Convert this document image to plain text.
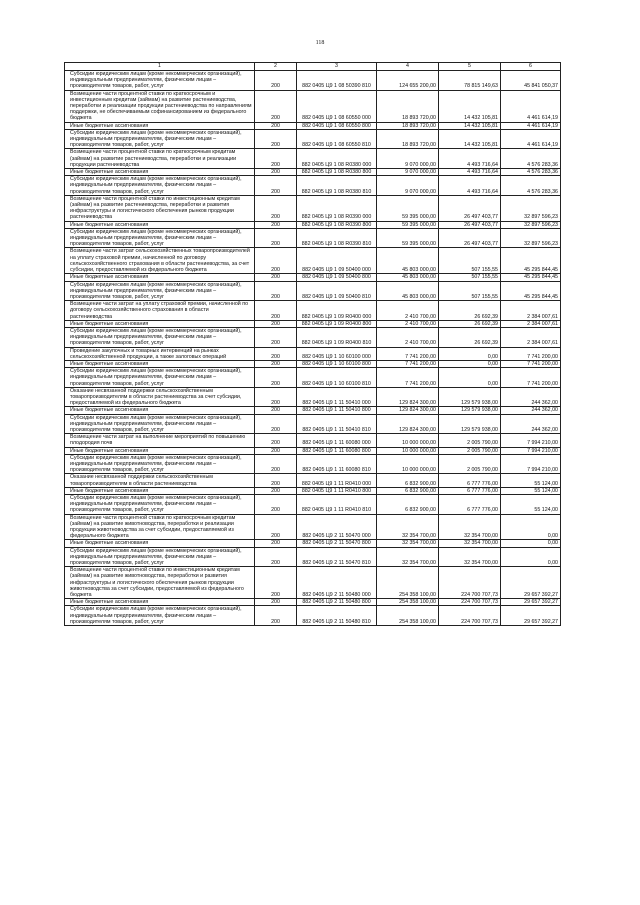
118
1	2	3	4	5	6
Субсидии юридическим лицам (кроме некоммерческих организаций), индивидуальным предпринимателям, физическим лицам – производителям товаров, работ, услуг	200	882 0405 Ц9 1 08 50390 810	124 655 200,00	78 815 149,63	45 841 050,37
Возмещение части процентной ставки по краткосрочным и инвестиционным кредитам (займам) на развитие растениеводства, переработки и реализации продукции растениеводства по направлениям поддержки, не обеспечиваемым софинансированием из федерального бюджета	200	882 0405 Ц9 1 08 60550 000	18 893 720,00	14 432 105,81	4 461 614,19
Иные бюджетные ассигнования	200	882 0405 Ц9 1 08 60550 800	18 893 720,00	14 432 105,81	4 461 614,19
Субсидии юридическим лицам (кроме некоммерческих организаций), индивидуальным предпринимателям, физическим лицам – производителям товаров, работ, услуг	200	882 0405 Ц9 1 08 60550 810	18 893 720,00	14 432 105,81	4 461 614,19
Возмещение части процентной ставки по краткосрочным кредитам (займам) на развитие растениеводства, переработки и реализации продукции растениеводства	200	882 0405 Ц9 1 08 R0380 000	9 070 000,00	4 493 716,64	4 576 283,36
Иные бюджетные ассигнования	200	882 0405 Ц9 1 08 R0380 800	9 070 000,00	4 493 716,64	4 576 283,36
Субсидии юридическим лицам (кроме некоммерческих организаций), индивидуальным предпринимателям, физическим лицам – производителям товаров, работ, услуг	200	882 0405 Ц9 1 08 R0380 810	9 070 000,00	4 493 716,64	4 576 283,36
Возмещение части процентной ставки по инвестиционным кредитам (займам) на развитие растениеводства, переработки и развития инфраструктуры и логистического обеспечения рынков продукции растениеводства	200	882 0405 Ц9 1 08 R0390 000	59 395 000,00	26 497 403,77	32 897 596,23
Иные бюджетные ассигнования	200	882 0405 Ц9 1 08 R0390 800	59 395 000,00	26 497 403,77	32 897 596,23
Субсидии юридическим лицам (кроме некоммерческих организаций), индивидуальным предпринимателям, физическим лицам – производителям товаров, работ, услуг	200	882 0405 Ц9 1 08 R0390 810	59 395 000,00	26 497 403,77	32 897 596,23
Возмещение части затрат сельскохозяйственных товаропроизводителей на уплату страховой премии, начисленной по договору сельскохозяйственного страхования в области растениеводства, за счет субсидии, предоставляемой из федерального бюджета	200	882 0405 Ц9 1 09 50400 000	45 803 000,00	507 155,55	45 295 844,45
Иные бюджетные ассигнования	200	882 0405 Ц9 1 09 50400 800	45 803 000,00	507 155,55	45 295 844,45
Субсидии юридическим лицам (кроме некоммерческих организаций), индивидуальным предпринимателям, физическим лицам – производителям товаров, работ, услуг	200	882 0405 Ц9 1 09 50400 810	45 803 000,00	507 155,55	45 295 844,45
Возмещение части затрат на уплату страховой премии, начисленной по договору сельскохозяйственного страхования в области растениеводства	200	882 0405 Ц9 1 09 R0400 000	2 410 700,00	26 692,39	2 384 007,61
Иные бюджетные ассигнования	200	882 0405 Ц9 1 09 R0400 800	2 410 700,00	26 692,39	2 384 007,61
Субсидии юридическим лицам (кроме некоммерческих организаций), индивидуальным предпринимателям, физическим лицам – производителям товаров, работ, услуг	200	882 0405 Ц9 1 09 R0400 810	2 410 700,00	26 692,39	2 384 007,61
Проведение закупочных и товарных интервенций на рынках сельскохозяйственной продукции, а также залоговых операций	200	882 0405 Ц9 1 10 60100 000	7 741 200,00	0,00	7 741 200,00
Иные бюджетные ассигнования	200	882 0405 Ц9 1 10 60100 800	7 741 200,00	0,00	7 741 200,00
Субсидии юридическим лицам (кроме некоммерческих организаций), индивидуальным предпринимателям, физическим лицам – производителям товаров, работ, услуг	200	882 0405 Ц9 1 10 60100 810	7 741 200,00	0,00	7 741 200,00
Оказание несвязанной поддержки сельскохозяйственным товаропроизводителям в области растениеводства за счет субсидии, предоставляемой из федерального бюджета	200	882 0405 Ц9 1 11 50410 000	129 824 300,00	129 579 938,00	244 362,00
Иные бюджетные ассигнования	200	882 0405 Ц9 1 11 50410 800	129 824 300,00	129 579 938,00	244 362,00
Субсидии юридическим лицам (кроме некоммерческих организаций), индивидуальным предпринимателям, физическим лицам – производителям товаров, работ, услуг	200	882 0405 Ц9 1 11 50410 810	129 824 300,00	129 579 938,00	244 362,00
Возмещение части затрат на выполнение мероприятий по повышению плодородия почв	200	882 0405 Ц9 1 11 60080 000	10 000 000,00	2 005 790,00	7 994 210,00
Иные бюджетные ассигнования	200	882 0405 Ц9 1 11 60080 800	10 000 000,00	2 005 790,00	7 994 210,00
Субсидии юридическим лицам (кроме некоммерческих организаций), индивидуальным предпринимателям, физическим лицам – производителям товаров, работ, услуг	200	882 0405 Ц9 1 11 60080 810	10 000 000,00	2 005 790,00	7 994 210,00
Оказание несвязанной поддержки сельскохозяйственным товаропроизводителям в области растениеводства	200	882 0405 Ц9 1 11 R0410 000	6 832 900,00	6 777 776,00	55 124,00
Иные бюджетные ассигнования	200	882 0405 Ц9 1 11 R0410 800	6 832 900,00	6 777 776,00	55 124,00
Субсидии юридическим лицам (кроме некоммерческих организаций), индивидуальным предпринимателям, физическим лицам – производителям товаров, работ, услуг	200	882 0405 Ц9 1 11 R0410 810	6 832 900,00	6 777 776,00	55 124,00
Возмещение части процентной ставки по краткосрочным кредитам (займам) на развитие животноводства, переработки и реализации продукции животноводства за счет субсидии, предоставляемой из федерального бюджета	200	882 0405 Ц9 2 11 50470 000	32 354 700,00	32 354 700,00	0,00
Иные бюджетные ассигнования	200	882 0405 Ц9 2 11 50470 800	32 354 700,00	32 354 700,00	0,00
Субсидии юридическим лицам (кроме некоммерческих организаций), индивидуальным предпринимателям, физическим лицам – производителям товаров, работ, услуг	200	882 0405 Ц9 2 11 50470 810	32 354 700,00	32 354 700,00	0,00
Возмещение части процентной ставки по инвестиционным кредитам (займам) на развитие животноводства, переработки и развития инфраструктуры и логистического обеспечения рынков продукции животноводства за счет субсидии, предоставляемой из федерального бюджета	200	882 0405 Ц9 2 11 50480 000	254 358 100,00	224 700 707,73	29 657 392,27
Иные бюджетные ассигнования	200	882 0405 Ц9 2 11 50480 800	254 358 100,00	224 700 707,73	29 657 392,27
Субсидии юридическим лицам (кроме некоммерческих организаций), индивидуальным предпринимателям, физическим лицам – производителям товаров, работ, услуг	200	882 0405 Ц9 2 11 50480 810	254 358 100,00	224 700 707,73	29 657 392,27
